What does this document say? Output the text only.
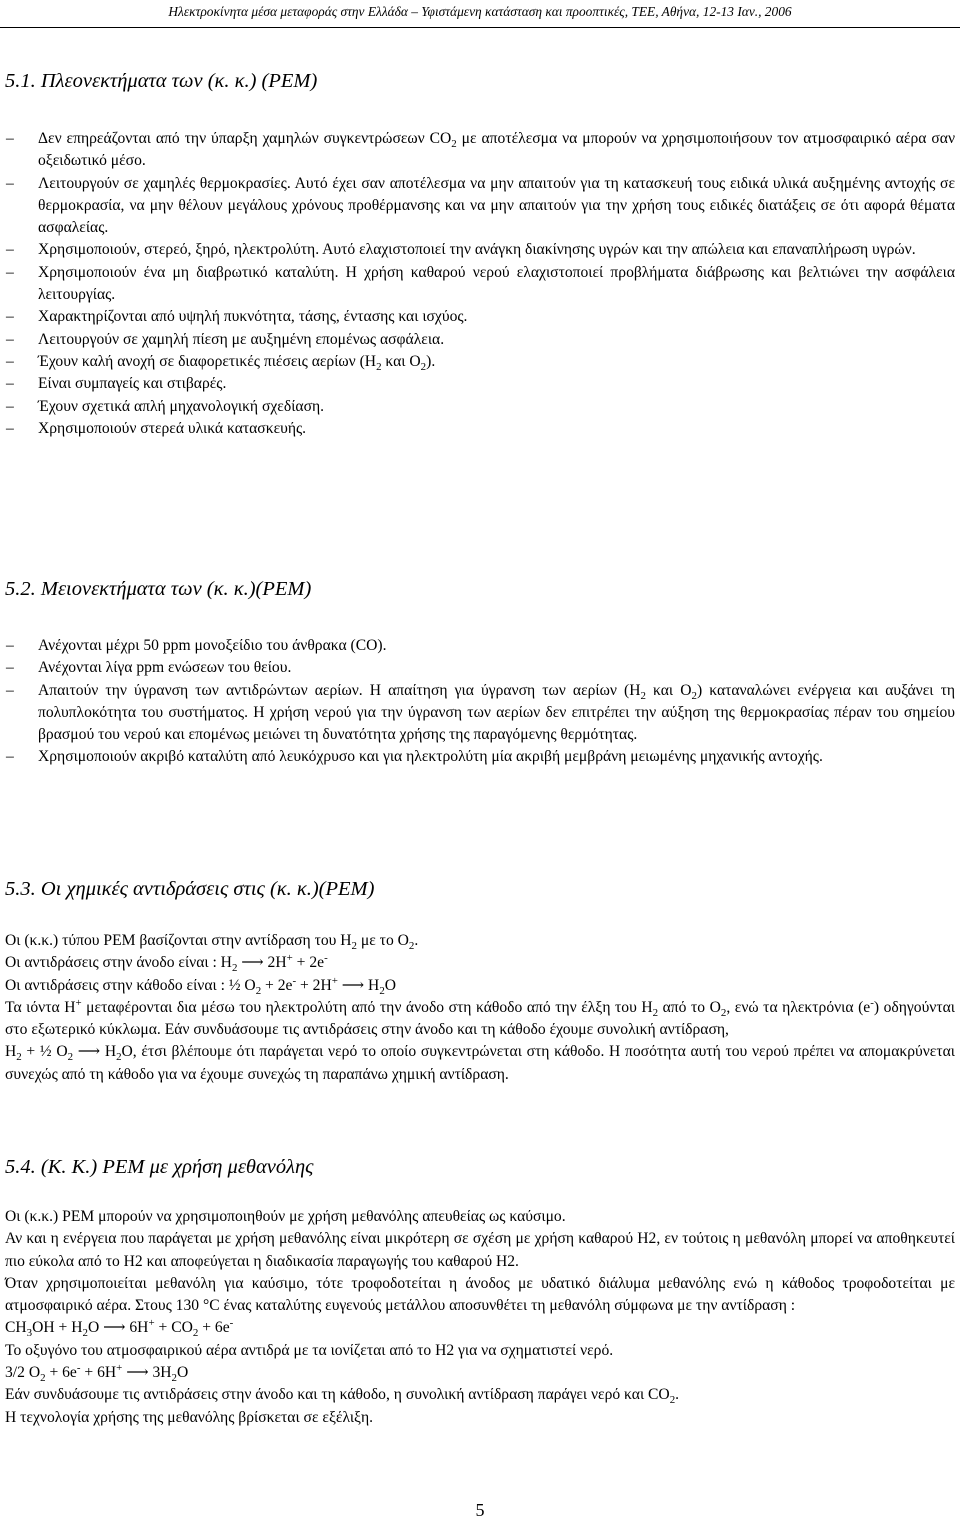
Ηλεκτροκίνητα μέσα μεταφοράς στην Ελλάδα – Υφιστάμενη κατάσταση και προοπτικές, ΤΕΕ, Αθήνα, 12-13 Ιαν., 2006
5.1. Πλεονεκτήματα των (κ. κ.) (PEM)
– Δεν επηρεάζονται από την ύπαρξη χαμηλών συγκεντρώσεων $CO_2$ με αποτέλεσμα να μπορούν να χρησιμοποιήσουν τον ατμοσφαιρικό αέρα σαν οξειδωτικό μέσο.
– Λειτουργούν σε χαμηλές θερμοκρασίες. Αυτό έχει σαν αποτέλεσμα να μην απαιτούν για τη κατασκευή τους ειδικά υλικά αυξημένης αντοχής σε θερμοκρασία, να μην θέλουν μεγάλους χρόνους προθέρμανσης και να μην απαιτούν για την χρήση τους ειδικές διατάξεις σε ότι αφορά θέματα ασφαλείας.
– Χρησιμοποιούν, στερεό, ξηρό, ηλεκτρολύτη. Αυτό ελαχιστοποιεί την ανάγκη διακίνησης υγρών και την απώλεια και επαναπλήρωση υγρών.
– Χρησιμοποιούν ένα μη διαβρωτικό καταλύτη. Η χρήση καθαρού νερού ελαχιστοποιεί προβλήματα διάβρωσης και βελτιώνει την ασφάλεια λειτουργίας.
– Χαρακτηρίζονται από υψηλή πυκνότητα, τάσης, έντασης και ισχύος.
– Λειτουργούν σε χαμηλή πίεση με αυξημένη επομένως ασφάλεια.
– Έχουν καλή ανοχή σε διαφορετικές πιέσεις αερίων ($H_2$ και $O_2$).
– Είναι συμπαγείς και στιβαρές.
– Έχουν σχετικά απλή μηχανολογική σχεδίαση.
– Χρησιμοποιούν στερεά υλικά κατασκευής.
5.2. Μειονεκτήματα των (κ. κ.)(PEM)
– Ανέχονται μέχρι 50 ppm μονοξείδιο του άνθρακα (CO).
– Ανέχονται λίγα ppm ενώσεων του θείου.
– Απαιτούν την ύγρανση των αντιδρώντων αερίων. Η απαίτηση για ύγρανση των αερίων ($H_2$ και $O_2$) καταναλώνει ενέργεια και αυξάνει τη πολυπλοκότητα του συστήματος. Η χρήση νερού για την ύγρανση των αερίων δεν επιτρέπει την αύξηση της θερμοκρασίας πέραν του σημείου βρασμού του νερού και επομένως μειώνει τη δυνατότητα χρήσης της παραγόμενης θερμότητας.
– Χρησιμοποιούν ακριβό καταλύτη από λευκόχρυσο και για ηλεκτρολύτη μία ακριβή μεμβράνη μειωμένης μηχανικής αντοχής.
5.3. Οι χημικές αντιδράσεις στις (κ. κ.)(PEM)

Οι (κ.κ.) τύπου PEM βασίζονται στην αντίδραση του $H_2$ με το $O_2$.

Οι αντιδράσεις στην άνοδο είναι : $H_2$ ⟶ 2H+ + 2e-

Οι αντιδράσεις στην κάθοδο είναι : ½ $O_2 + 2e^- + 2H^+$ ⟶ $H_2O$

Τα ιόντα H+ μεταφέρονται δια μέσω του ηλεκτρολύτη από την άνοδο στη κάθοδο από την έλξη του $H_2$ από το $O_2$, ενώ τα ηλεκτρόνια (e-) οδηγούνται στο εξωτερικό κύκλωμα. Εάν συνδυάσουμε τις αντιδράσεις στην άνοδο και τη κάθοδο έχουμε συνολική αντίδραση,

$H_2$ + ½ $O_2$ ⟶ $H_2O$, έτσι βλέπουμε ότι παράγεται νερό το οποίο συγκεντρώνεται στη κάθοδο. Η ποσότητα αυτή του νερού πρέπει να απομακρύνεται συνεχώς από τη κάθοδο για να έχουμε συνεχώς τη παραπάνω χημική αντίδραση.

5.4. (K. K.) PEM με χρήση μεθανόλης

Οι (κ.κ.) PEM μπορούν να χρησιμοποιηθούν με χρήση μεθανόλης απευθείας ως καύσιμο.

Αν και η ενέργεια που παράγεται με χρήση μεθανόλης είναι μικρότερη σε σχέση με χρήση καθαρού H2, εν τούτοις η μεθανόλη μπορεί να αποθηκευτεί πιο εύκολα από το H2 και αποφεύγεται η διαδικασία παραγωγής του καθαρού H2.

Όταν χρησιμοποιείται μεθανόλη για καύσιμο, τότε τροφοδοτείται η άνοδος με υδατικό διάλυμα μεθανόλης ενώ η κάθοδος τροφοδοτείται με ατμοσφαιρικό αέρα. Στους 130 °C ένας καταλύτης ευγενούς μετάλλου αποσυνθέτει τη μεθανόλη σύμφωνα με την αντίδραση :

$CH_3OH + H_2O$ ⟶ $6H^+ + CO_2 + 6e^-$

Το οξυγόνο του ατμοσφαιρικού αέρα αντιδρά με τα ιονίζεται από το H2 για να σχηματιστεί νερό.

3/2 $O_2 + 6e^- + 6H^+$ ⟶ $3H_2O$

Εάν συνδυάσουμε τις αντιδράσεις στην άνοδο και τη κάθοδο, η συνολική αντίδραση παράγει νερό και $CO_2$.

Η τεχνολογία χρήσης της μεθανόλης βρίσκεται σε εξέλιξη.

5
